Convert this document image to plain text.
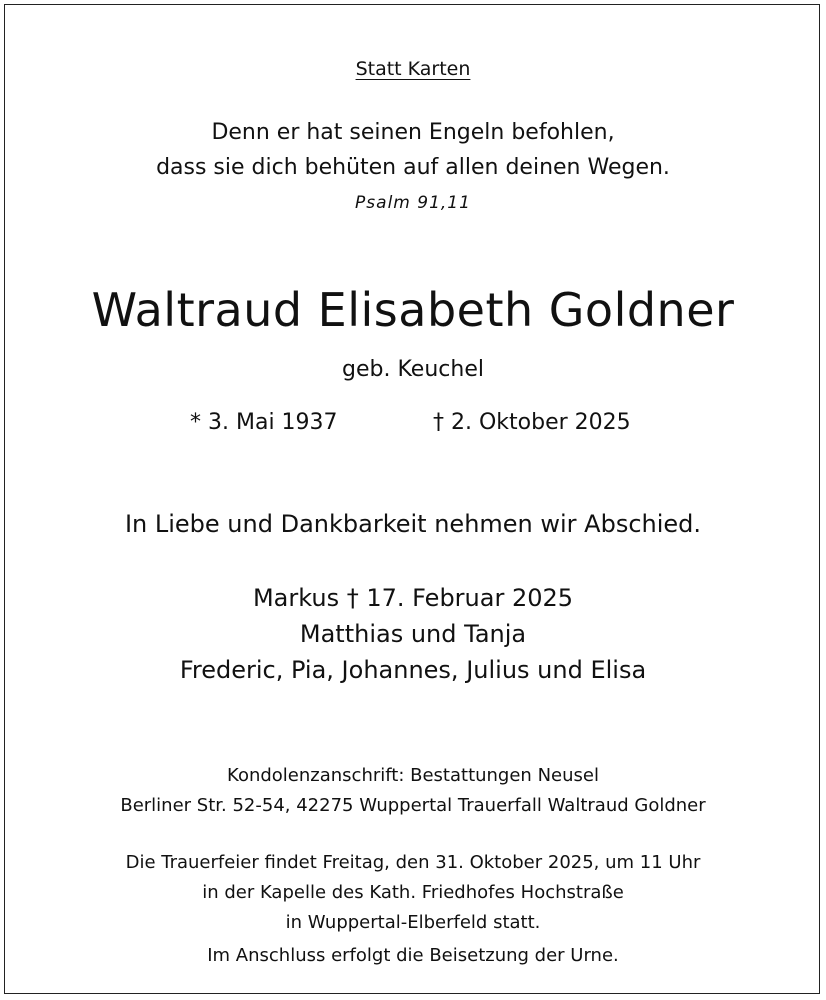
Statt Karten
Denn er hat seinen Engeln befohlen,
dass sie dich behüten auf allen deinen Wegen.
Psalm 91,11
Waltraud Elisabeth Goldner
geb. Keuchel
* 3. Mai 1937	† 2. Oktober 2025
In Liebe und Dankbarkeit nehmen wir Abschied.
Markus † 17. Februar 2025
Matthias und Tanja
Frederic, Pia, Johannes, Julius und Elisa
Kondolenzanschrift: Bestattungen Neusel
Berliner Str. 52-54, 42275 Wuppertal Trauerfall Waltraud Goldner
Die Trauerfeier findet Freitag, den 31. Oktober 2025, um 11 Uhr
in der Kapelle des Kath. Friedhofes Hochstraße
in Wuppertal-Elberfeld statt.
Im Anschluss erfolgt die Beisetzung der Urne.
